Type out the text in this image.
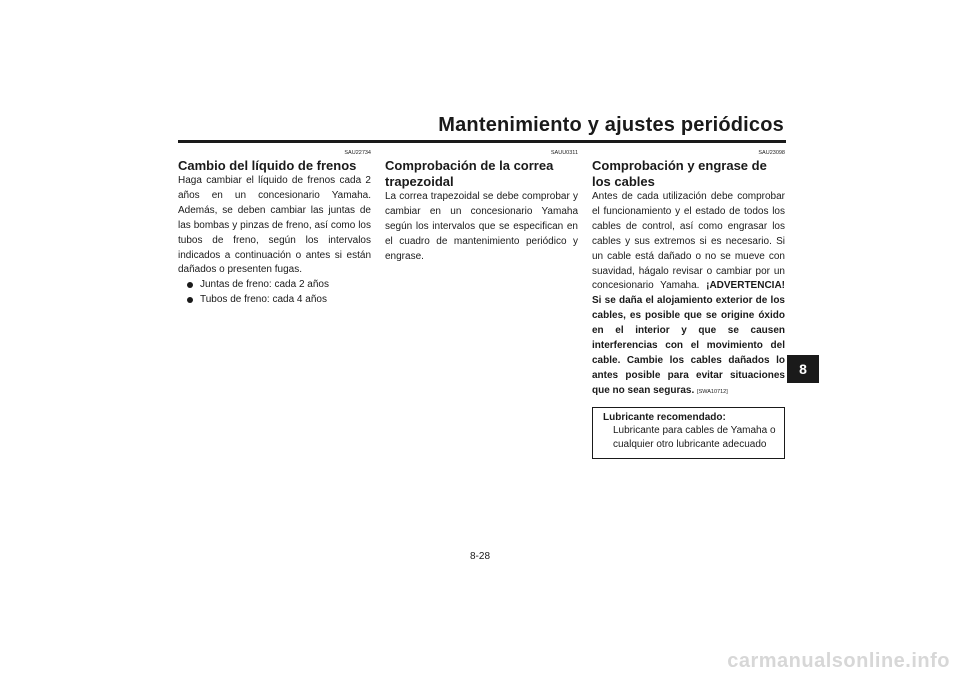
Mantenimiento y ajustes periódicos
8
SAU22734
Cambio del líquido de frenos

Haga cambiar el líquido de frenos cada 2 años en un concesionario Yamaha. Además, se deben cambiar las juntas de las bombas y pinzas de freno, así como los tubos de freno, según los intervalos indicados a continuación o antes si están dañados o presenten fugas.

Juntas de freno: cada 2 años
Tubos de freno: cada 4 años
SAUU0311
Comprobación de la correa trapezoidal

La correa trapezoidal se debe comprobar y cambiar en un concesionario Yamaha según los intervalos que se especifican en el cuadro de mantenimiento periódico y engrase.

SAU23098
Comprobación y engrase de los cables

Antes de cada utilización debe comprobar el funcionamiento y el estado de todos los cables de control, así como engrasar los cables y sus extremos si es necesario. Si un cable está dañado o no se mueve con suavidad, hágalo revisar o cambiar por un concesionario Yamaha. ¡ADVERTENCIA! Si se daña el alojamiento exterior de los cables, es posible que se origine óxido en el interior y que se causen interferencias con el movimiento del cable. Cambie los cables dañados lo antes posible para evitar situaciones que no sean seguras. [SWA10712]

Lubricante recomendado:
Lubricante para cables de Yamaha o cualquier otro lubricante adecuado
8-28
carmanualsonline.info
